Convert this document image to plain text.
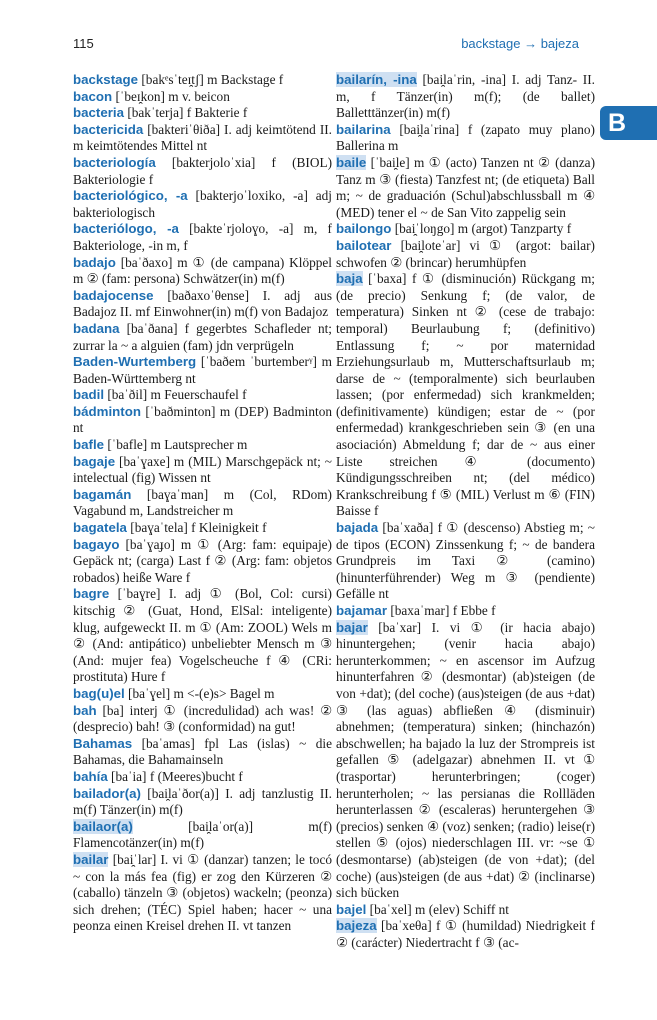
115	backstage → bajeza
B

backstage [bakᵉsˈteɪ̯tʃ] m Backstage f

bacon [ˈbeɪ̯kon] m v. beicon

bacteria [bakˈterja] f Bakterie f

bactericida [bakteriˈθiða] I. adj keimtötend II. m keimtötendes Mittel nt

bacteriología [bakterjoloˈxia] f (BIOL) Bakteriologie f

bacteriológico, -a [bakterjoˈloxiko, -a] adj bakteriologisch

bacteriólogo, -a [bakteˈrjoloɣo, -a] m, f Bakteriologe, -in m, f

badajo [baˈðaxo] m ① (de campana) Klöppel m ② (fam: persona) Schwätzer(in) m(f)

badajocense [baðaxoˈθense] I. adj aus Badajoz II. mf Einwohner(in) m(f) von Badajoz

badana [baˈðana] f gegerbtes Schafleder nt; zurrar la ~ a alguien (fam) jdn verprügeln

Baden-Wurtemberg [ˈbaðem ˈburtemberᵞ] m Baden-Württemberg nt

badil [baˈðil] m Feuerschaufel f

bádminton [ˈbaðminton] m (DEP) Badminton nt

bafle [ˈbafle] m Lautsprecher m

bagaje [baˈɣaxe] m (MIL) Marschgepäck nt; ~ intelectual (fig) Wissen nt

bagamán [baɣaˈman] m (Col, RDom) Vagabund m, Landstreicher m

bagatela [baɣaˈtela] f Kleinigkeit f

bagayo [baˈɣaɟo] m ① (Arg: fam: equipaje) Gepäck nt; (carga) Last f ② (Arg: fam: objetos robados) heiße Ware f

bagre [ˈbaɣre] I. adj ① (Bol, Col: cursi) kitschig ② (Guat, Hond, ElSal: inteligente) klug, aufgeweckt II. m ① (Am: ZOOL) Wels m ② (And: antipático) unbeliebter Mensch m ③ (And: mujer fea) Vogelscheuche f ④ (CRi: prostituta) Hure f

bag(u)el [baˈɣel] m <-(e)s> Bagel m

bah [ba] interj ① (incredulidad) ach was! ② (desprecio) bah! ③ (conformidad) na gut!

Bahamas [baˈamas] fpl Las (islas) ~ die Bahamas, die Bahamainseln

bahía [baˈia] f (Meeres)bucht f

bailador(a) [bai̯laˈðor(a)] I. adj tanzlustig II. m(f) Tänzer(in) m(f)

bailaor(a) [bai̯laˈor(a)] m(f) Flamencotänzer(in) m(f)

bailar [bai̯ˈlar] I. vi ① (danzar) tanzen; le tocó ~ con la más fea (fig) er zog den Kürzeren ② (caballo) tänzeln ③ (objetos) wackeln; (peonza) sich drehen; (TÉC) Spiel haben; hacer ~ una peonza einen Kreisel drehen II. vt tanzen

bailarín, -ina [bai̯laˈrin, -ina] I. adj Tanz- II. m, f Tänzer(in) m(f); (de ballet) Balletttänzer(in) m(f)

bailarina [bai̯laˈrina] f (zapato muy plano) Ballerina m

baile [ˈbai̯le] m ① (acto) Tanzen nt ② (danza) Tanz m ③ (fiesta) Tanzfest nt; (de etiqueta) Ball m; ~ de graduación (Schul)abschlussball m ④ (MED) tener el ~ de San Vito zappelig sein

bailongo [bai̯ˈloŋgo] m (argot) Tanzparty f

bailotear [bai̯loteˈar] vi ① (argot: bailar) schwofen ② (brincar) herumhüpfen

baja [ˈbaxa] f ① (disminución) Rückgang m; (de precio) Senkung f; (de valor, de temperatura) Sinken nt ② (cese de trabajo: temporal) Beurlaubung f; (definitivo) Entlassung f; ~ por maternidad Erziehungsurlaub m, Mutterschaftsurlaub m; darse de ~ (temporalmente) sich beurlauben lassen; (por enfermedad) sich krankmelden; (definitivamente) kündigen; estar de ~ (por enfermedad) krankgeschrieben sein ③ (en una asociación) Abmeldung f; dar de ~ aus einer Liste streichen ④ (documento) Kündigungsschreiben nt; (del médico) Krankschreibung f ⑤ (MIL) Verlust m ⑥ (FIN) Baisse f

bajada [baˈxaða] f ① (descenso) Abstieg m; ~ de tipos (ECON) Zinssenkung f; ~ de bandera Grundpreis im Taxi ② (camino) (hinunterführender) Weg m ③ (pendiente) Gefälle nt

bajamar [baxaˈmar] f Ebbe f

bajar [baˈxar] I. vi ① (ir hacia abajo) hinuntergehen; (venir hacia abajo) herunterkommen; ~ en ascensor im Aufzug hinunterfahren ② (desmontar) (ab)steigen (de von +dat); (del coche) (aus)steigen (de aus +dat) ③ (las aguas) abfließen ④ (disminuir) abnehmen; (temperatura) sinken; (hinchazón) abschwellen; ha bajado la luz der Strompreis ist gefallen ⑤ (adelgazar) abnehmen II. vt ① (trasportar) herunterbringen; (coger) herunterholen; ~ las persianas die Rollläden herunterlassen ② (escaleras) heruntergehen ③ (precios) senken ④ (voz) senken; (radio) leise(r) stellen ⑤ (ojos) niederschlagen III. vr: ~se ① (desmontarse) (ab)steigen (de von +dat); (del coche) (aus)steigen (de aus +dat) ② (inclinarse) sich bücken

bajel [baˈxel] m (elev) Schiff nt

bajeza [baˈxeθa] f ① (humildad) Niedrigkeit f ② (carácter) Niedertracht f ③ (ac-
